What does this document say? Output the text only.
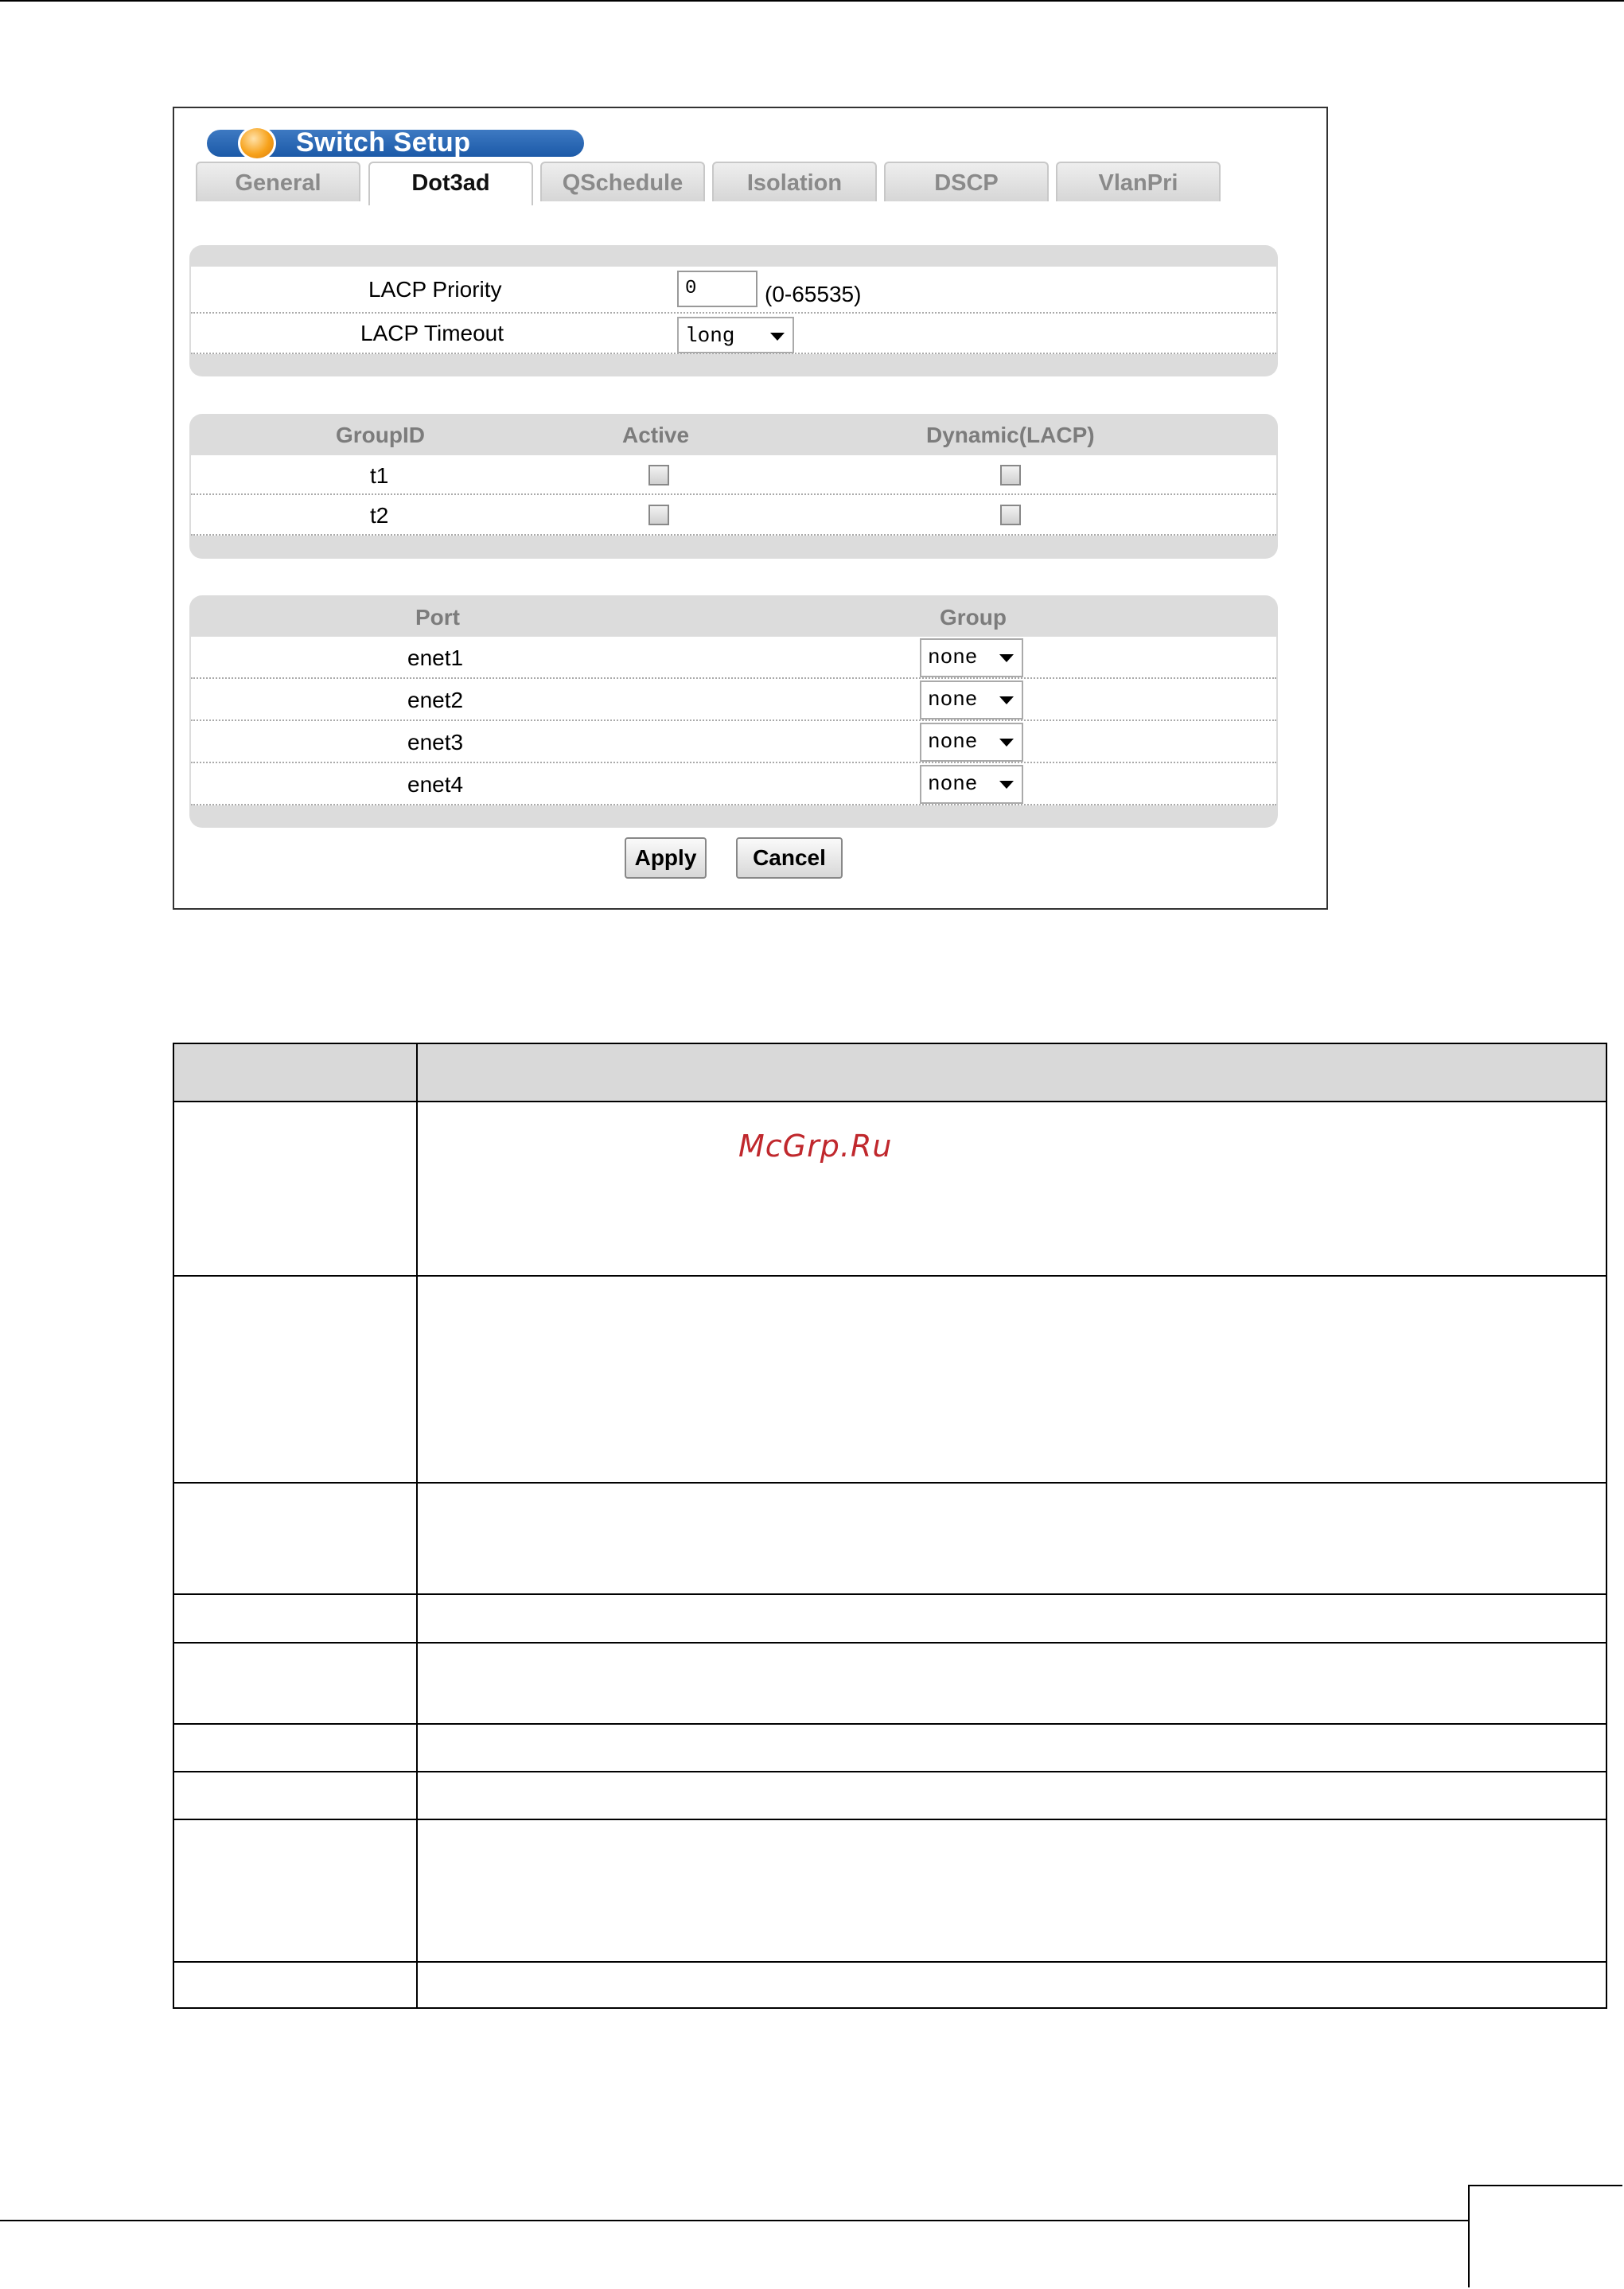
Switch Setup
General	Dot3ad	QSchedule	Isolation	DSCP	VlanPri
LACP Priority	0	(0-65535)
LACP Timeout	long
GroupID	Active	Dynamic(LACP)
t1
t2
Port	Group
enet1	none
enet2	none
enet3	none
enet4	none
Apply	Cancel
McGrp.Ru
